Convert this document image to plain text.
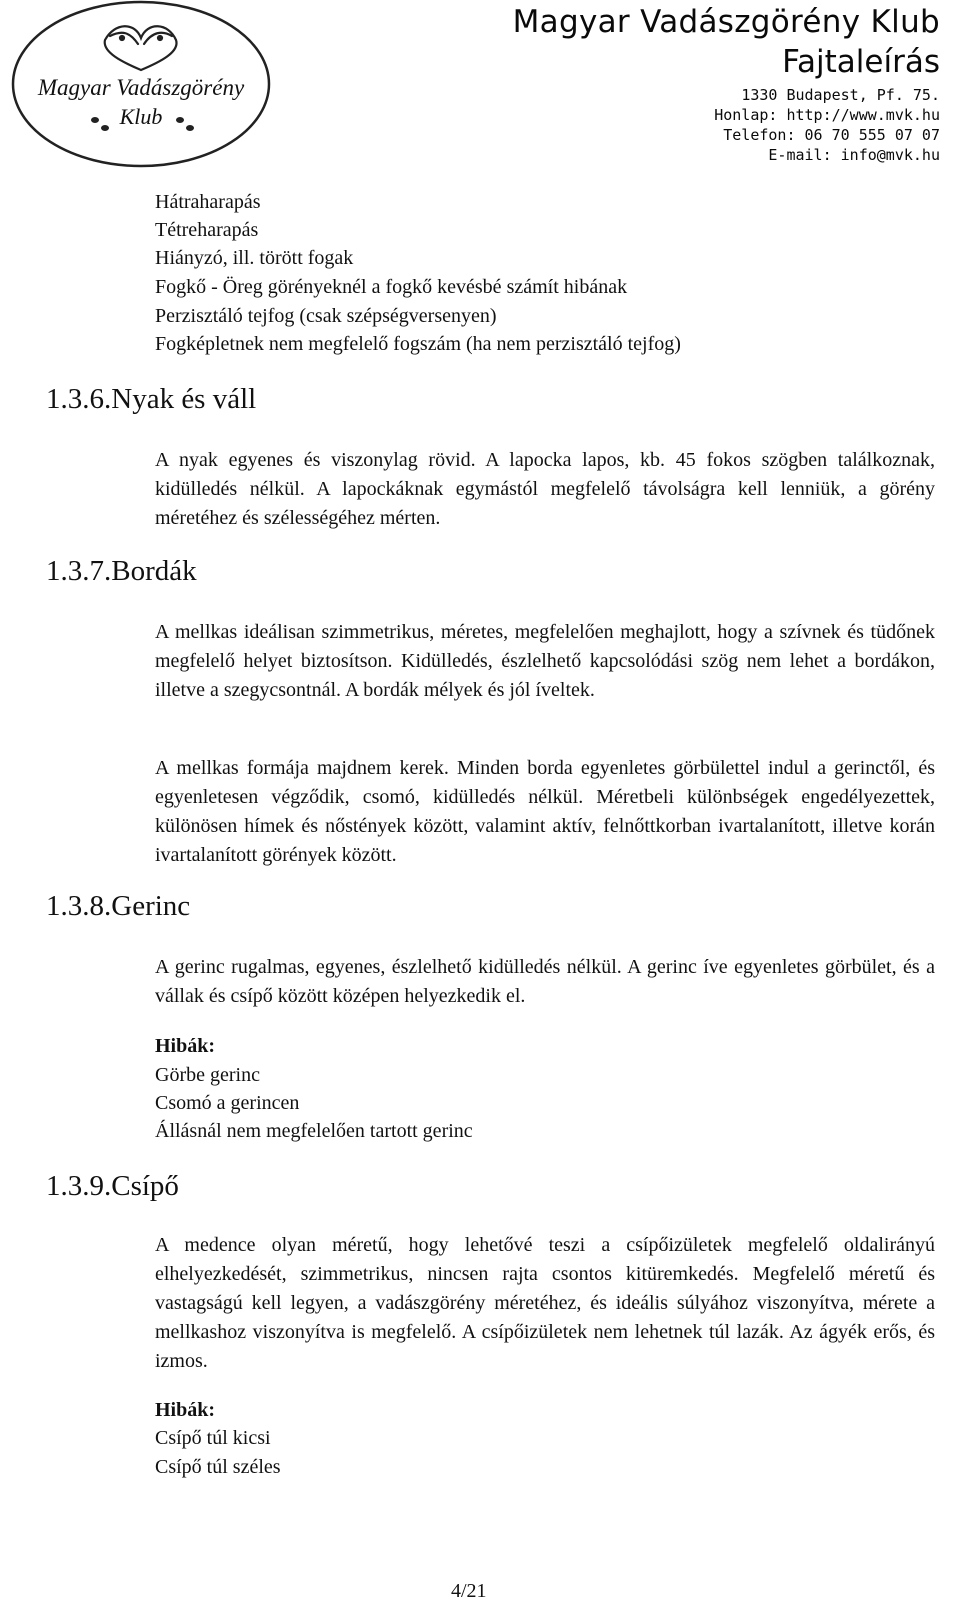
Magyar Vadászgörény
Klub
Magyar Vadászgörény Klub
Fajtaleírás
1330 Budapest, Pf. 75.
Honlap: http://www.mvk.hu
Telefon: 06 70 555 07 07
E-mail: info@mvk.hu
Hátraharapás
Tétreharapás
Hiányzó, ill. törött fogak
Fogkő - Öreg görényeknél a fogkő kevésbé számít hibának
Perzisztáló tejfog (csak szépségversenyen)
Fogképletnek nem megfelelő fogszám (ha nem perzisztáló tejfog)
1.3.6.Nyak és váll
A nyak egyenes és viszonylag rövid. A lapocka lapos, kb. 45 fokos szögben találkoznak, kidülledés nélkül. A lapockáknak egymástól megfelelő távolságra kell lenniük, a görény méretéhez és szélességéhez mérten.
1.3.7.Bordák
A mellkas ideálisan szimmetrikus, méretes, megfelelően meghajlott, hogy a szívnek és tüdőnek megfelelő helyet biztosítson. Kidülledés, észlelhető kapcsolódási szög nem lehet a bordákon, illetve a szegycsontnál. A bordák mélyek és jól íveltek.
A mellkas formája majdnem kerek. Minden borda egyenletes görbülettel indul a gerinctől, és egyenletesen végződik, csomó, kidülledés nélkül. Méretbeli különbségek engedélyezettek, különösen hímek és nőstények között, valamint aktív, felnőttkorban ivartalanított, illetve korán ivartalanított görények között.
1.3.8.Gerinc
A gerinc rugalmas, egyenes, észlelhető kidülledés nélkül. A gerinc íve egyenletes görbület, és a vállak és csípő között középen helyezkedik el.
Hibák:
Görbe gerinc
Csomó a gerincen
Állásnál nem megfelelően tartott gerinc
1.3.9.Csípő
A medence olyan méretű, hogy lehetővé teszi a csípőizületek megfelelő oldalirányú elhelyezkedését, szimmetrikus, nincsen rajta csontos kitüremkedés. Megfelelő méretű és vastagságú kell legyen, a vadászgörény méretéhez, és ideális súlyához viszonyítva, mérete a mellkashoz viszonyítva is megfelelő. A csípőizületek nem lehetnek túl lazák. Az ágyék erős, és izmos.
Hibák:
Csípő túl kicsi
Csípő túl széles
4/21
